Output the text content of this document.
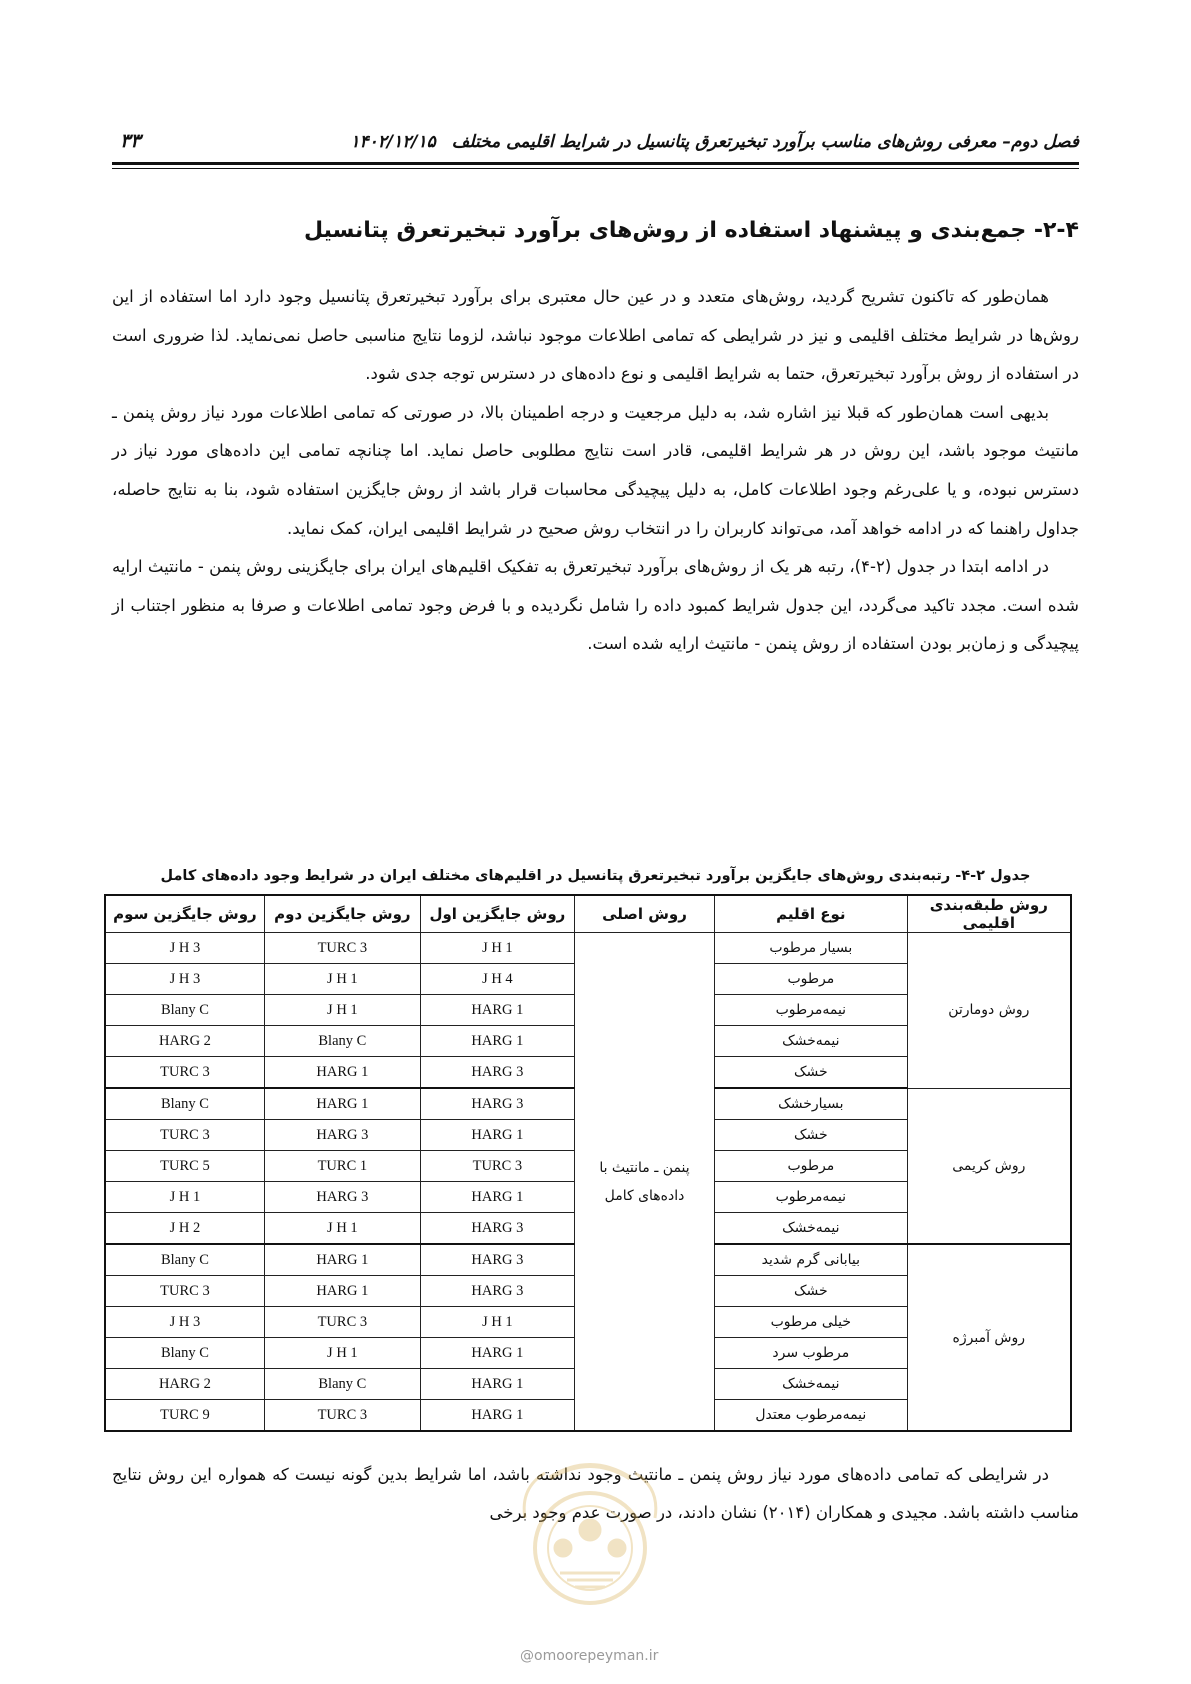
فصل دوم– معرفی روش‌های مناسب برآورد تبخیرتعرق پتانسیل در شرایط اقلیمی مختلف ۱۴۰۲/۱۲/۱۵
۳۳
۲-۴- جمع‌بندی و پیشنهاد استفاده از روش‌های برآورد تبخیرتعرق پتانسیل

همان‌طور که تاکنون تشریح گردید، روش‌های متعدد و در عین حال معتبری برای برآورد تبخیرتعرق پتانسیل وجود دارد اما استفاده از این روش‌ها در شرایط مختلف اقلیمی و نیز در شرایطی که تمامی اطلاعات موجود نباشد، لزوما نتایج مناسبی حاصل نمی‌نماید. لذا ضروری است در استفاده از روش برآورد تبخیرتعرق، حتما به شرایط اقلیمی و نوع داده‌های در دسترس توجه جدی شود.

بدیهی است همان‌طور که قبلا نیز اشاره شد، به دلیل مرجعیت و درجه اطمینان بالا، در صورتی که تمامی اطلاعات مورد نیاز روش پنمن ـ مانتیث موجود باشد، این روش در هر شرایط اقلیمی، قادر است نتایج مطلوبی حاصل نماید. اما چنانچه تمامی این داده‌های مورد نیاز در دسترس نبوده، و یا علی‌رغم وجود اطلاعات کامل، به دلیل پیچیدگی محاسبات قرار باشد از روش جایگزین استفاده شود، بنا به نتایج حاصله، جداول راهنما که در ادامه خواهد آمد، می‌تواند کاربران را در انتخاب روش صحیح در شرایط اقلیمی ایران، کمک نماید.

در ادامه ابتدا در جدول (۲-۴)، رتبه هر یک از روش‌های برآورد تبخیرتعرق به تفکیک اقلیم‌های ایران برای جایگزینی روش پنمن - مانتیث ارایه شده است. مجدد تاکید می‌گردد، این جدول شرایط کمبود داده را شامل نگردیده و با فرض وجود تمامی اطلاعات و صرفا به منظور اجتناب از پیچیدگی و زمان‌بر بودن استفاده از روش پنمن - مانتیث ارایه شده است.

جدول ۲-۴- رتبه‌بندی روش‌های جایگزین برآورد تبخیرتعرق پتانسیل در اقلیم‌های مختلف ایران در شرایط وجود داده‌های کامل
روش طبقه‌بندی اقلیمی	نوع اقلیم	روش اصلی	روش جایگزین اول	روش جایگزین دوم	روش جایگزین سوم
روش دومارتن	بسیار مرطوب	پنمن ـ مانتیث با داده‌های کامل	J H 1	TURC 3	J H 3
	مرطوب		J H 4	J H 1	J H 3
	نیمه‌مرطوب		HARG 1	J H 1	Blany C
	نیمه‌خشک		HARG 1	Blany C	HARG 2
	خشک		HARG 3	HARG 1	TURC 3
روش کریمی	بسیارخشک		HARG 3	HARG 1	Blany C
	خشک		HARG 1	HARG 3	TURC 3
	مرطوب		TURC 3	TURC 1	TURC 5
	نیمه‌مرطوب		HARG 1	HARG 3	J H 1
	نیمه‌خشک		HARG 3	J H 1	J H 2
روش آمبرژه	بیابانی گرم شدید		HARG 3	HARG 1	Blany C
	خشک		HARG 3	HARG 1	TURC 3
	خیلی مرطوب		J H 1	TURC 3	J H 3
	مرطوب سرد		HARG 1	J H 1	Blany C
	نیمه‌خشک		HARG 1	Blany C	HARG 2
	نیمه‌مرطوب معتدل		HARG 1	TURC 3	TURC 9

در شرایطی که تمامی داده‌های مورد نیاز روش پنمن ـ مانتیث وجود نداشته باشد، اما شرایط بدین گونه نیست که همواره این روش نتایج مناسب داشته باشد. مجیدی و همکاران (۲۰۱۴) نشان دادند، در صورت عدم وجود برخی

@omoorepeyman.ir
